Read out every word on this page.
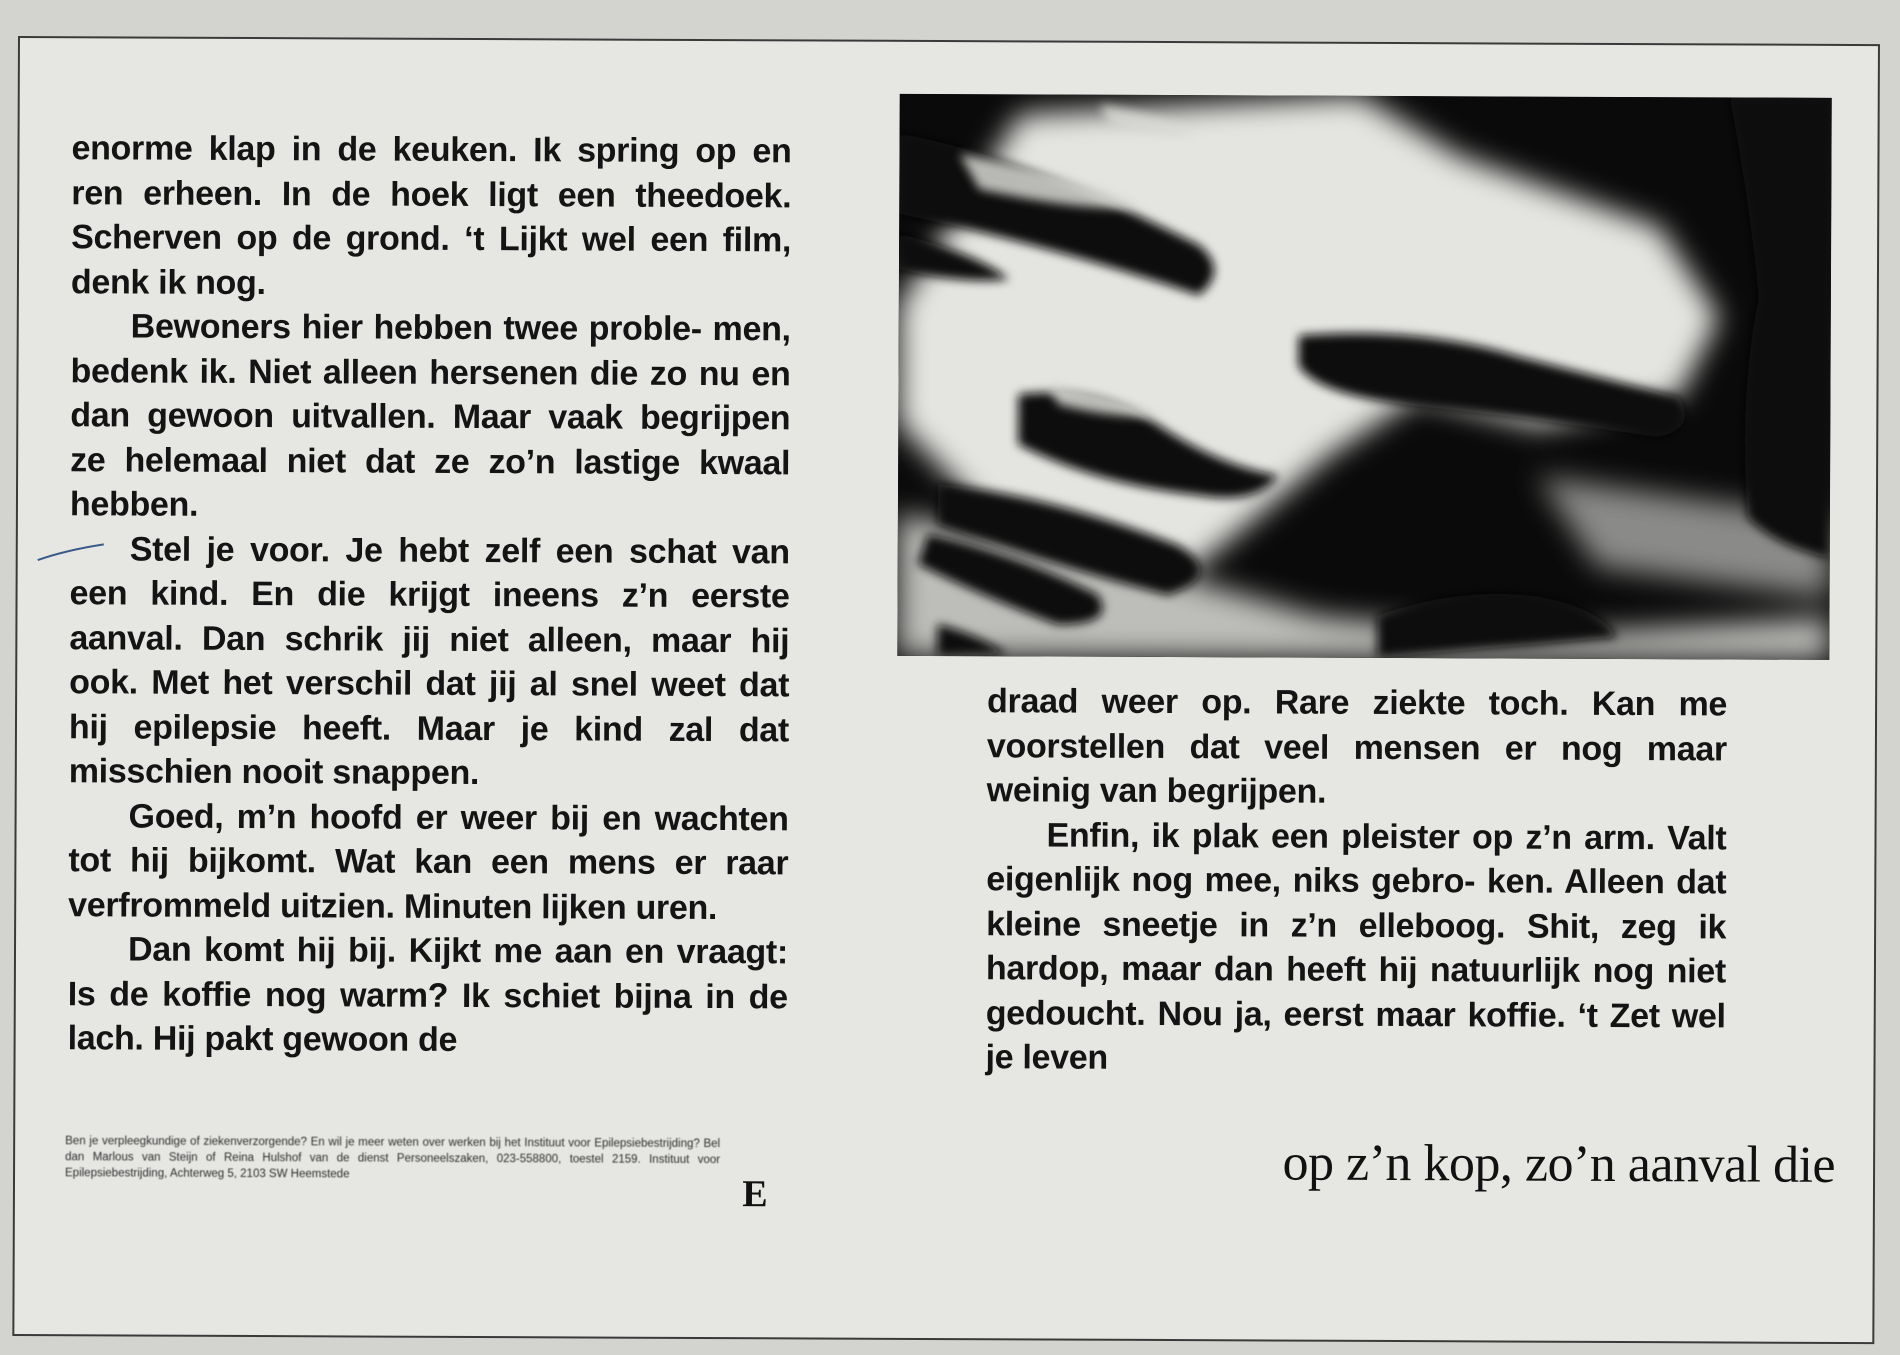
enorme klap in de keuken. Ik spring op en ren erheen. In de hoek ligt een theedoek. Scherven op de grond. ‘t Lijkt wel een film, denk ik nog.

Bewoners hier hebben twee proble- men, bedenk ik. Niet alleen hersenen die zo nu en dan gewoon uitvallen. Maar vaak begrijpen ze helemaal niet dat ze zo’n lastige kwaal hebben.

Stel je voor. Je hebt zelf een schat van een kind. En die krijgt ineens z’n eerste aanval. Dan schrik jij niet alleen, maar hij ook. Met het verschil dat jij al snel weet dat hij epilepsie heeft. Maar je kind zal dat misschien nooit snappen.

Goed, m’n hoofd er weer bij en wachten tot hij bijkomt. Wat kan een mens er raar verfrommeld uitzien. Minuten lijken uren.

Dan komt hij bij. Kijkt me aan en vraagt: Is de koffie nog warm? Ik schiet bijna in de lach. Hij pakt gewoon de

Ben je verpleegkundige of ziekenverzorgende? En wil je meer weten over werken bij het Instituut voor Epilepsiebestrijding? Bel dan Marlous van Steijn of Reina Hulshof van de dienst Personeelszaken, 023-558800, toestel 2159. Instituut voor Epilepsiebestrijding, Achterweg 5, 2103 SW Heemstede	E

draad weer op. Rare ziekte toch. Kan me voorstellen dat veel mensen er nog maar weinig van begrijpen.

Enfin, ik plak een pleister op z’n arm. Valt eigenlijk nog mee, niks gebro- ken. Alleen dat kleine sneetje in z’n elleboog. Shit, zeg ik hardop, maar dan heeft hij natuurlijk nog niet gedoucht. Nou ja, eerst maar koffie. ‘t Zet wel je leven

op z’n kop, zo’n aanval die
